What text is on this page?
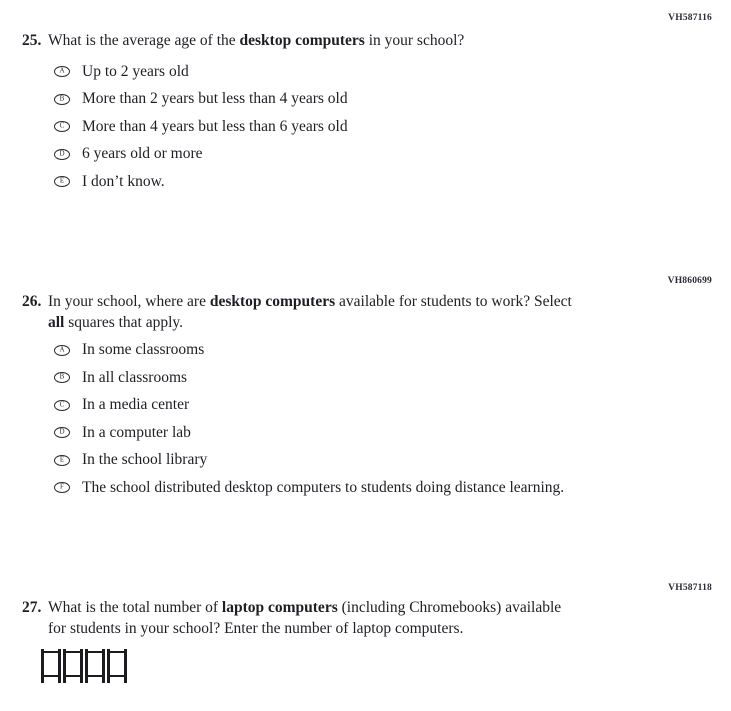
VH587116
25. What is the average age of the desktop computers in your school?
A Up to 2 years old
B More than 2 years but less than 4 years old
C More than 4 years but less than 6 years old
D 6 years old or more
E I don’t know.
VH860699
26. In your school, where are desktop computers available for students to work? Select
all squares that apply.
A In some classrooms
B In all classrooms
C In a media center
D In a computer lab
E In the school library
F The school distributed desktop computers to students doing distance learning.
VH587118
27. What is the total number of laptop computers (including Chromebooks) available
for students in your school? Enter the number of laptop computers.
